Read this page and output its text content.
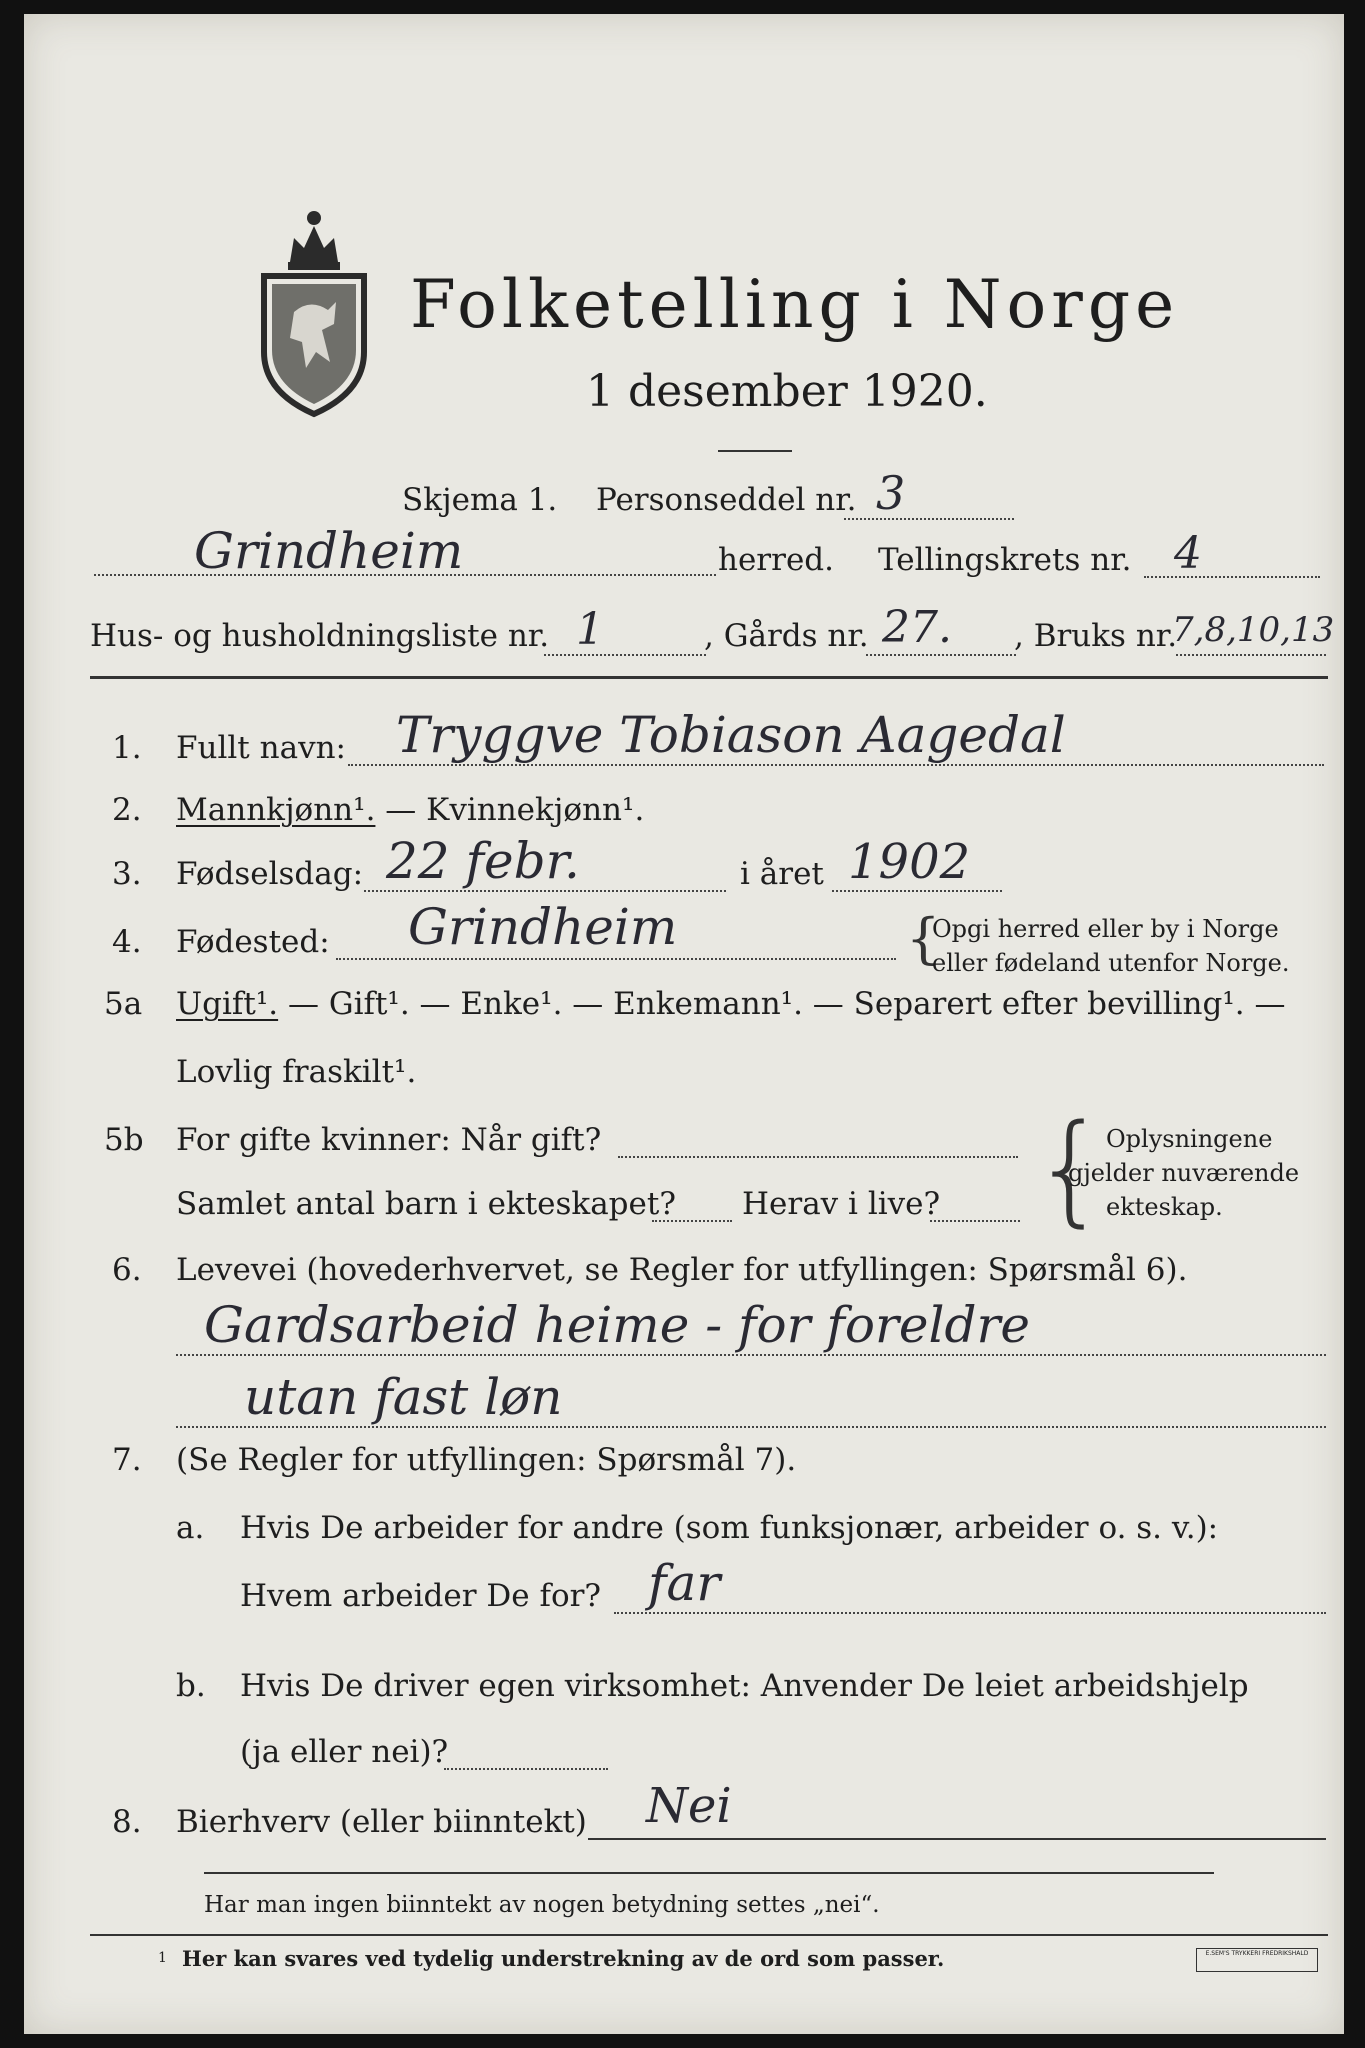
Folketelling i Norge
1 desember 1920.
Skjema 1. Personseddel nr. 3
Grindheim	herred. Tellingskrets nr. 4
Hus- og husholdningsliste nr. 1	, Gårds nr. 27. , Bruks nr.
7,8,10,13
1. Fullt navn: Tryggve Tobiason Aagedal
2. Mannkjønn¹. — Kvinnekjønn¹.
3. Fødselsdag: 22 febr.	i året 1902
4. Fødested: Grindheim	{
Opgi herred eller by i Norge
eller fødeland utenfor Norge.
5a Ugift¹. — Gift¹. — Enke¹. — Enkemann¹. — Separert efter bevilling¹. —
Lovlig fraskilt¹.
5b For gifte kvinner: Når gift?
Samlet antal barn i ekteskapet? Herav i live? {
Oplysningene
gjelder nuværende
ekteskap.
6. Levevei (hovederhvervet, se Regler for utfyllingen: Spørsmål 6).
Gardsarbeid heime - for foreldre
utan fast løn
7. (Se Regler for utfyllingen: Spørsmål 7).
a. Hvis De arbeider for andre (som funksjonær, arbeider o. s. v.):
Hvem arbeider De for? far
b. Hvis De driver egen virksomhet: Anvender De leiet arbeidshjelp
(ja eller nei)?
8. Bierhverv (eller biinntekt) Nei
Har man ingen biinntekt av nogen betydning settes „nei“.
1 Her kan svares ved tydelig understrekning av de ord som passer.	E.SEM'S TRYKKERI FREDRIKSHALD
